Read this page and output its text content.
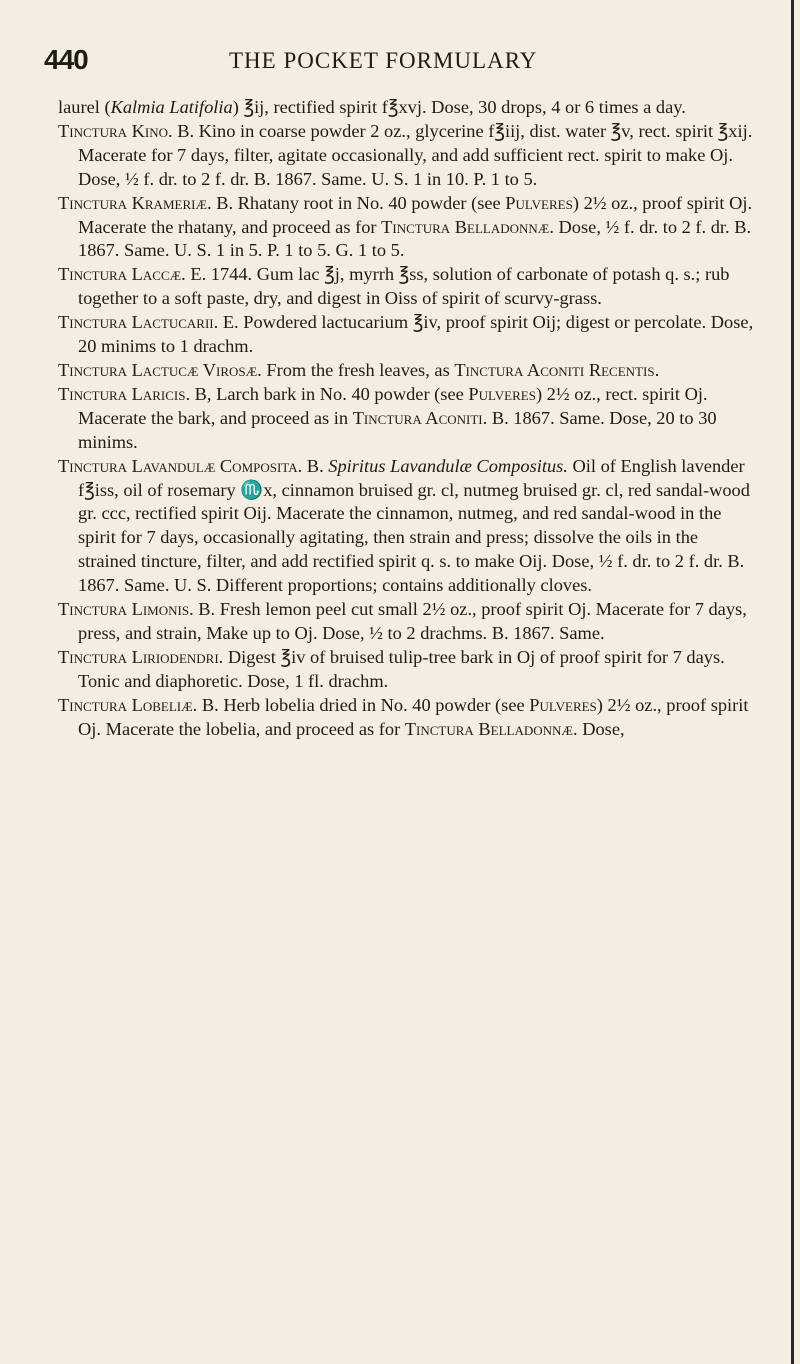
440	THE POCKET FORMULARY

laurel (Kalmia Latifolia) ℥ij, rectified spirit f℥xvj. Dose, 30 drops, 4 or 6 times a day.

Tinctura Kino. B. Kino in coarse powder 2 oz., glycerine f℥iij, dist. water ℥v, rect. spirit ℥xij. Macerate for 7 days, filter, agitate occasionally, and add sufficient rect. spirit to make Oj. Dose, ½ f. dr. to 2 f. dr. B. 1867. Same. U. S. 1 in 10. P. 1 to 5.

Tinctura Krameriæ. B. Rhatany root in No. 40 powder (see Pulveres) 2½ oz., proof spirit Oj. Macerate the rhatany, and proceed as for Tinctura Belladonnæ. Dose, ½ f. dr. to 2 f. dr. B. 1867. Same. U. S. 1 in 5. P. 1 to 5. G. 1 to 5.

Tinctura Laccæ. E. 1744. Gum lac ℥j, myrrh ℥ss, solution of carbonate of potash q. s.; rub together to a soft paste, dry, and digest in Oiss of spirit of scurvy-grass.

Tinctura Lactucarii. E. Powdered lactucarium ℥iv, proof spirit Oij; digest or percolate. Dose, 20 minims to 1 drachm.

Tinctura Lactucæ Virosæ. From the fresh leaves, as Tinctura Aconiti Recentis.

Tinctura Laricis. B, Larch bark in No. 40 powder (see Pulveres) 2½ oz., rect. spirit Oj. Macerate the bark, and proceed as in Tinctura Aconiti. B. 1867. Same. Dose, 20 to 30 minims.

Tinctura Lavandulæ Composita. B. Spiritus Lavandulæ Compositus. Oil of English lavender f℥iss, oil of rosemary ♏x, cinnamon bruised gr. cl, nutmeg bruised gr. cl, red sandal-wood gr. ccc, rectified spirit Oij. Macerate the cinnamon, nutmeg, and red sandal-wood in the spirit for 7 days, occasionally agitating, then strain and press; dissolve the oils in the strained tincture, filter, and add rectified spirit q. s. to make Oij. Dose, ½ f. dr. to 2 f. dr. B. 1867. Same. U. S. Different proportions; contains additionally cloves.

Tinctura Limonis. B. Fresh lemon peel cut small 2½ oz., proof spirit Oj. Macerate for 7 days, press, and strain, Make up to Oj. Dose, ½ to 2 drachms. B. 1867. Same.

Tinctura Liriodendri. Digest ℥iv of bruised tulip-tree bark in Oj of proof spirit for 7 days. Tonic and diaphoretic. Dose, 1 fl. drachm.

Tinctura Lobeliæ. B. Herb lobelia dried in No. 40 powder (see Pulveres) 2½ oz., proof spirit Oj. Macerate the lobelia, and proceed as for Tinctura Belladonnæ. Dose,
